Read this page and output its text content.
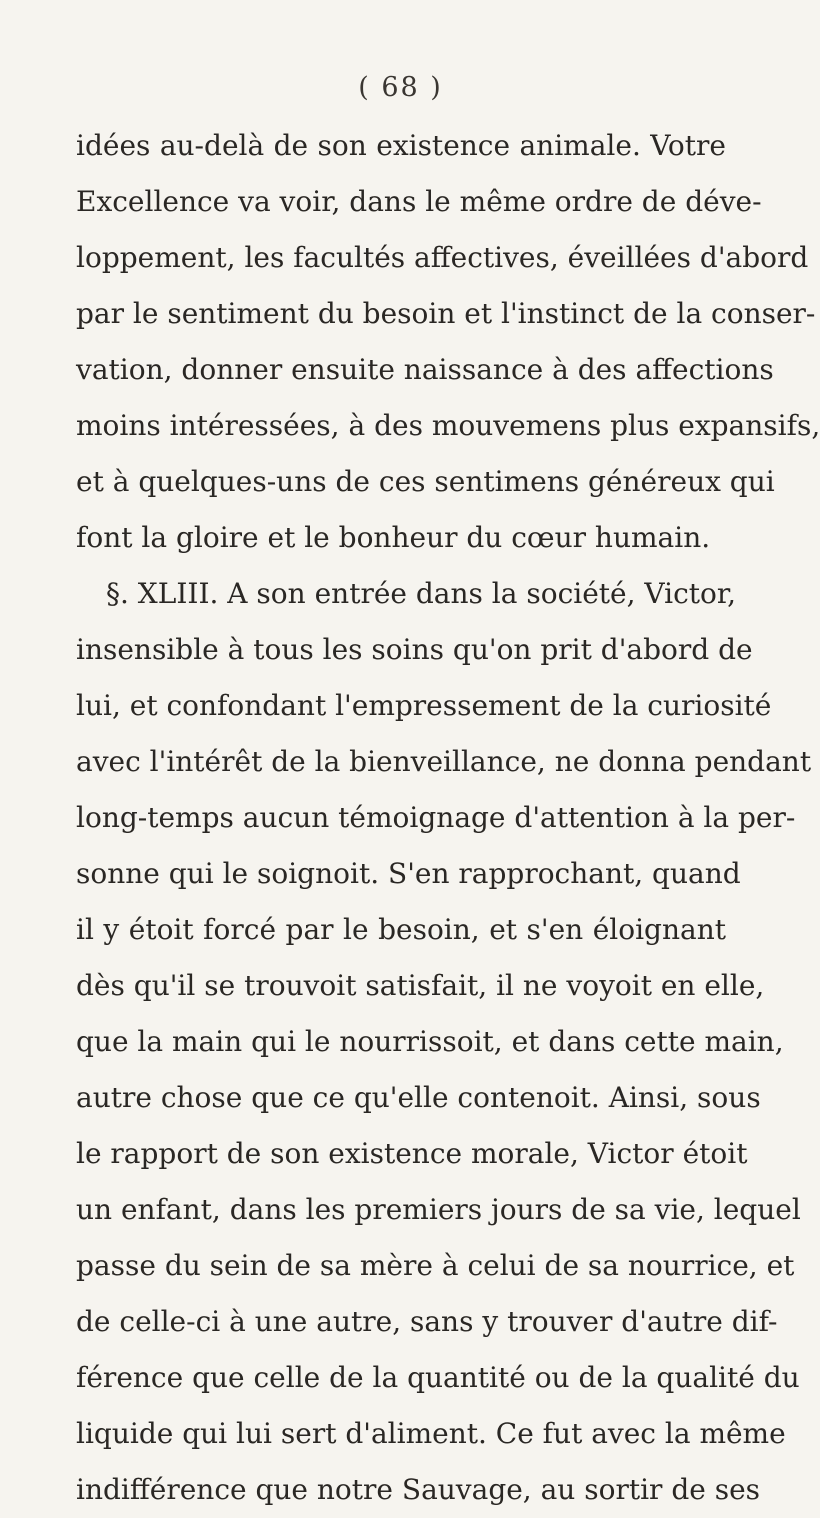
( 68 )
idées au-delà de son existence animale. Votre
Excellence va voir, dans le même ordre de déve-
loppement, les facultés affectives, éveillées d'abord
par le sentiment du besoin et l'instinct de la conser-
vation, donner ensuite naissance à des affections
moins intéressées, à des mouvemens plus expansifs,
et à quelques-uns de ces sentimens généreux qui
font la gloire et le bonheur du cœur humain.
§. XLIII. A son entrée dans la société, Victor,
insensible à tous les soins qu'on prit d'abord de
lui, et confondant l'empressement de la curiosité
avec l'intérêt de la bienveillance, ne donna pendant
long-temps aucun témoignage d'attention à la per-
sonne qui le soignoit. S'en rapprochant, quand
il y étoit forcé par le besoin, et s'en éloignant
dès qu'il se trouvoit satisfait, il ne voyoit en elle,
que la main qui le nourrissoit, et dans cette main,
autre chose que ce qu'elle contenoit. Ainsi, sous
le rapport de son existence morale, Victor étoit
un enfant, dans les premiers jours de sa vie, lequel
passe du sein de sa mère à celui de sa nourrice, et
de celle-ci à une autre, sans y trouver d'autre dif-
férence que celle de la quantité ou de la qualité du
liquide qui lui sert d'aliment. Ce fut avec la même
indifférence que notre Sauvage, au sortir de ses
